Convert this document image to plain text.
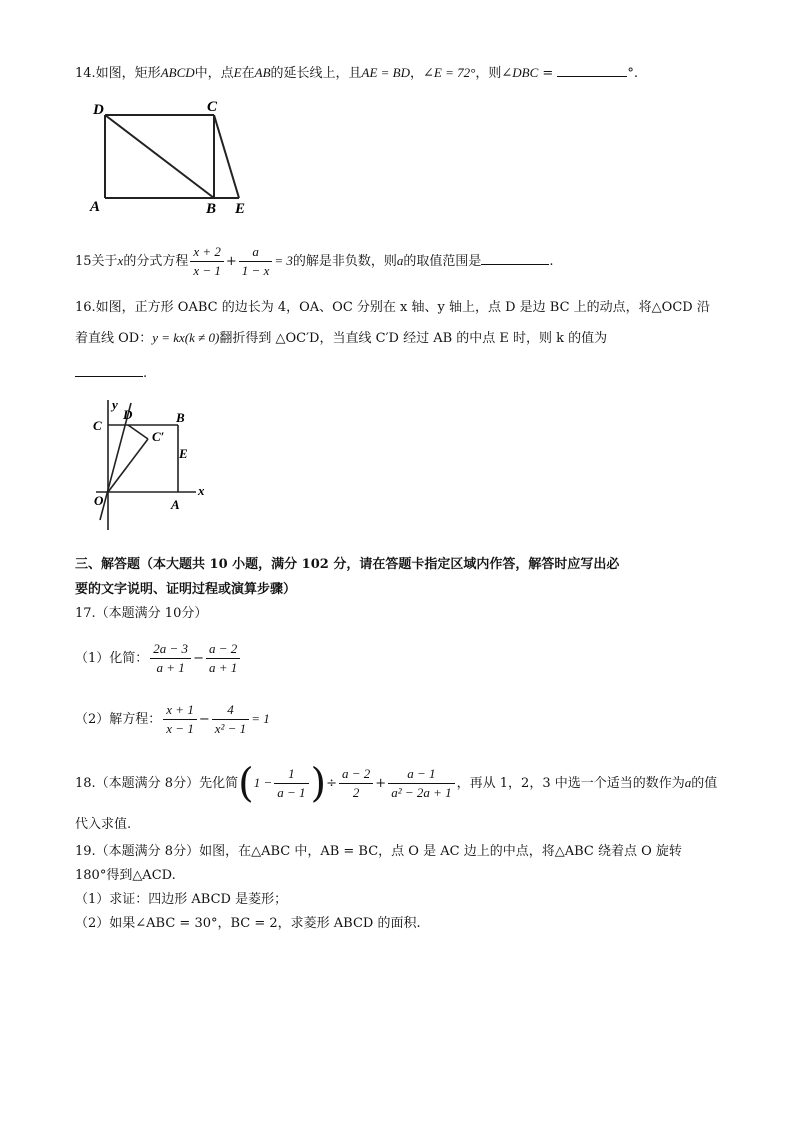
14.如图，矩形ABCD中，点E在AB的延长线上，且AE = BD，∠E = 72°，则∠DBC =	°.
D	C
A	B E
15关于x的分式方程 $\frac{x + 2}{x - 1} + \frac{a}{1 - x} = 3$的解是非负数，则a的取值范围是	.
16.如图，正方形 OABC 的边长为 4，OA、OC 分别在 x 轴、y 轴上，点 D 是边 BC 上的动点，将△OCD 沿
着直线 OD：y = kx(k ≠ 0)翻折得到 △OC′D，当直线 C′D 经过 AB 的中点 E 时，则 k 的值为
.
y
x
C
D	B
C′
E
O	A
三、解答题（本大题共 10 小题，满分 102 分，请在答题卡指定区域内作答，解答时应写出必
要的文字说明、证明过程或演算步骤）
17.（本题满分 10分）
（1）化简： $\frac{2a - 3}{a + 1} - \frac{a - 2}{a + 1}$
（2）解方程： $\frac{x + 1}{x - 1} - \frac{4}{\text{x² − 1}} = 1$
18.（本题满分 8分）先化简($1 - \frac{1}{a - 1}$ )÷ $\frac{a - 2}{2} + \frac{a - 1}{\text{a² − 2a + 1}}$ ，再从 1，2，3 中选一个适当的数作为a的值
代入求值.
19.（本题满分 8分）如图，在△ABC 中，AB = BC，点 O 是 AC 边上的中点，将△ABC 绕着点 O 旋转
180°得到△ACD.
（1）求证：四边形 ABCD 是菱形；
（2）如果∠ABC = 30°，BC = 2，求菱形 ABCD 的面积.
